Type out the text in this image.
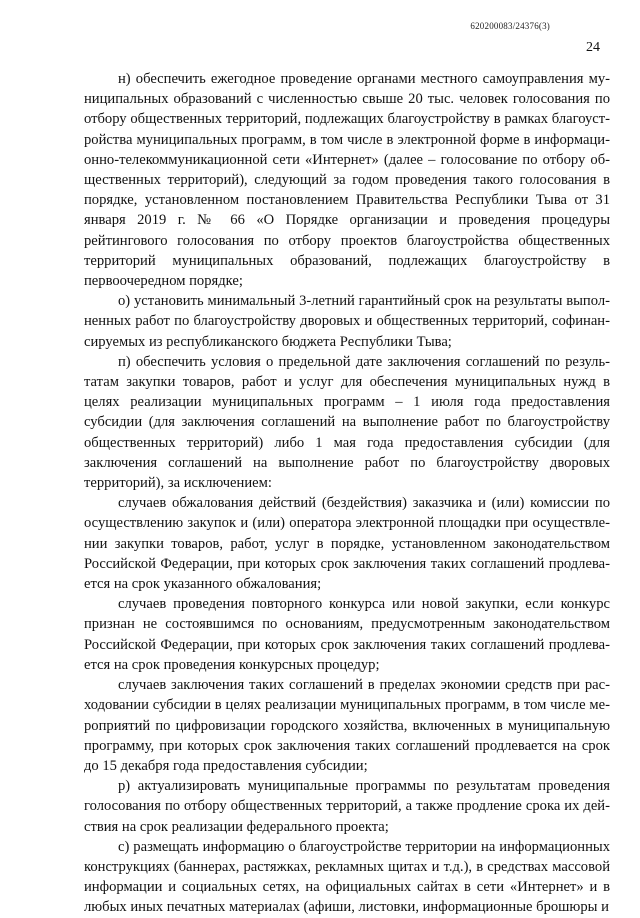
620200083/24376(3)
24

н) обеспечить ежегодное проведение органами местного самоуправления муниципальных образований с численностью свыше 20 тыс. человек голосования по отбору общественных территорий, подлежащих благоустройству в рамках благоустройства муниципальных программ, в том числе в электронной форме в информационно-телекоммуникационной сети «Интернет» (далее – голосование по отбору общественных территорий), следующий за годом проведения такого голосования в порядке, установленном постановлением Правительства Республики Тыва от 31 января 2019 г. № 66 «О Порядке организации и проведения процедуры рейтингового голосования по отбору проектов благоустройства общественных территорий муниципальных образований, подлежащих благоустройству в первоочередном порядке;

о) установить минимальный 3-летний гарантийный срок на результаты выполненных работ по благоустройству дворовых и общественных территорий, софинансируемых из республиканского бюджета Республики Тыва;

п) обеспечить условия о предельной дате заключения соглашений по результатам закупки товаров, работ и услуг для обеспечения муниципальных нужд в целях реализации муниципальных программ – 1 июля года предоставления субсидии (для заключения соглашений на выполнение работ по благоустройству общественных территорий) либо 1 мая года предоставления субсидии (для заключения соглашений на выполнение работ по благоустройству дворовых территорий), за исключением:

случаев обжалования действий (бездействия) заказчика и (или) комиссии по осуществлению закупок и (или) оператора электронной площадки при осуществлении закупки товаров, работ, услуг в порядке, установленном законодательством Российской Федерации, при которых срок заключения таких соглашений продлевается на срок указанного обжалования;

случаев проведения повторного конкурса или новой закупки, если конкурс признан не состоявшимся по основаниям, предусмотренным законодательством Российской Федерации, при которых срок заключения таких соглашений продлевается на срок проведения конкурсных процедур;

случаев заключения таких соглашений в пределах экономии средств при расходовании субсидии в целях реализации муниципальных программ, в том числе мероприятий по цифровизации городского хозяйства, включенных в муниципальную программу, при которых срок заключения таких соглашений продлевается на срок до 15 декабря года предоставления субсидии;

р) актуализировать муниципальные программы по результатам проведения голосования по отбору общественных территорий, а также продление срока их действия на срок реализации федерального проекта;

с) размещать информацию о благоустройстве территории на информационных конструкциях (баннерах, растяжках, рекламных щитах и т.д.), в средствах массовой информации и социальных сетях, на официальных сайтах в сети «Интернет» и в любых иных печатных материалах (афиши, листовки, информационные брошюры и
